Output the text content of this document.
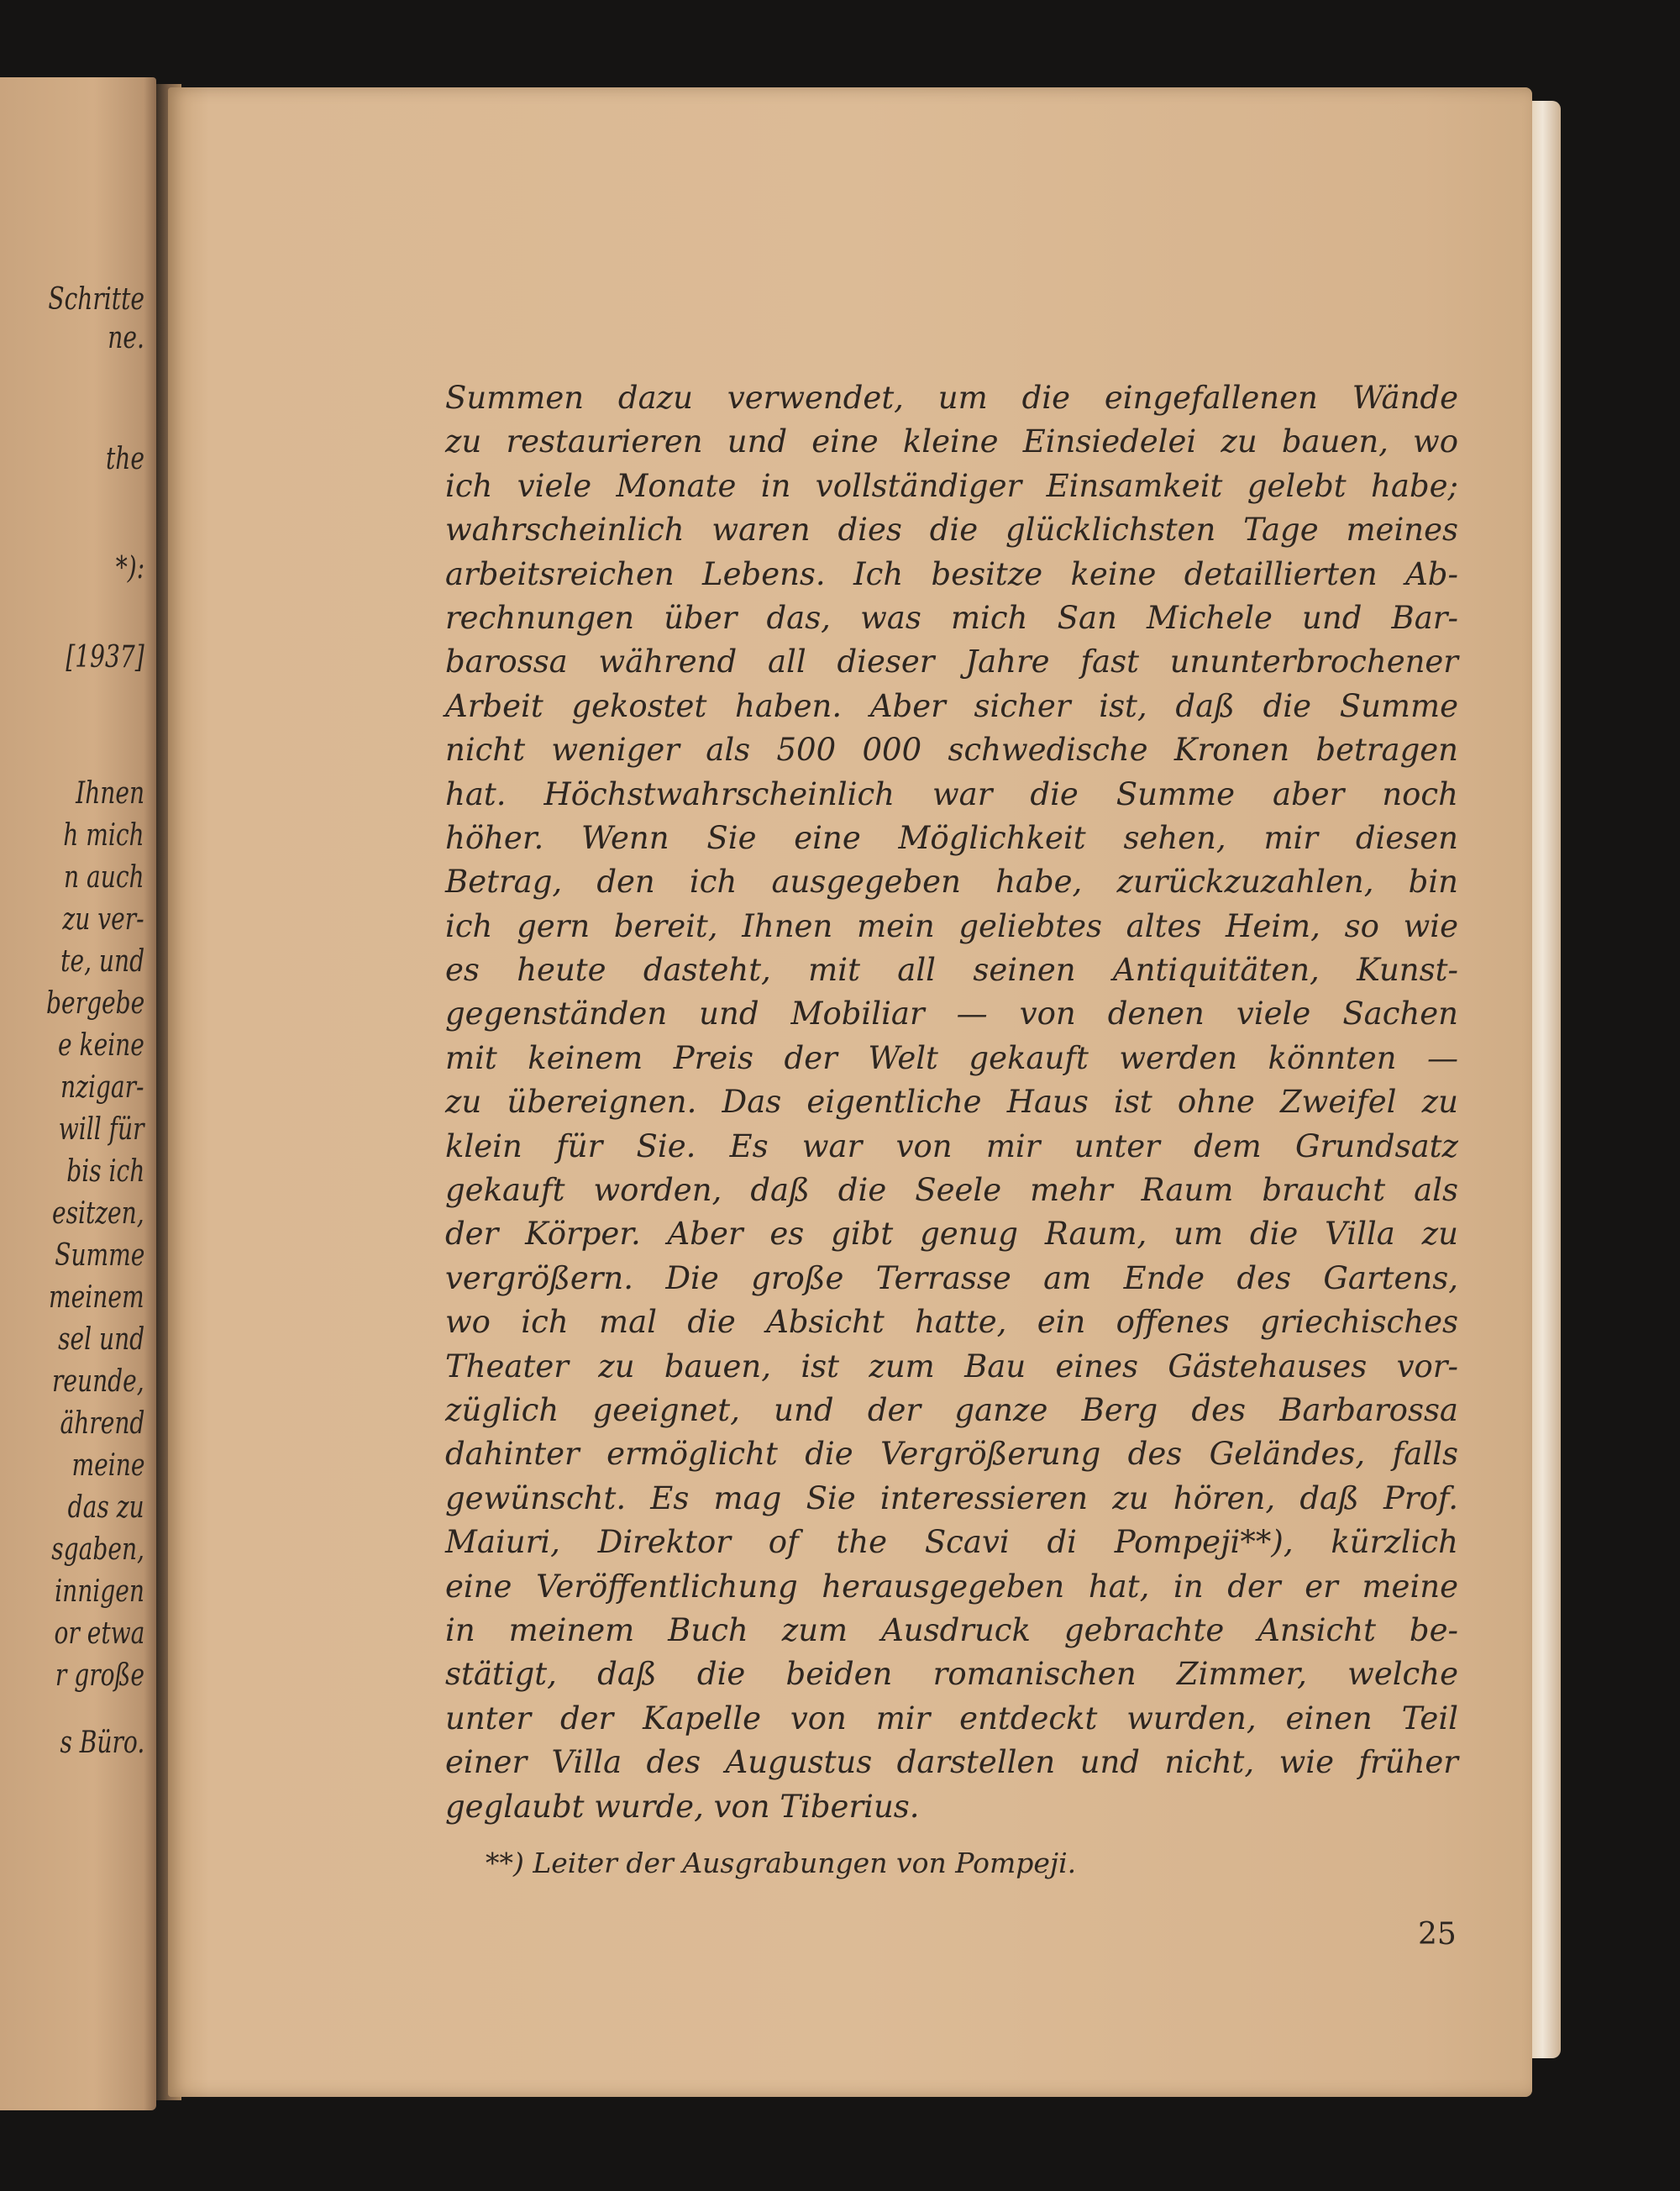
Schritte
ne.
the
*):
[1937]
Ihnen
h mich
n auch
zu ver-
te, und
bergebe
e keine
nzigar-
will für
bis ich
esitzen,
Summe
meinem
sel und
reunde,
ährend
meine
das zu
sgaben,
innigen
or etwa
r große
s Büro.
Summen dazu verwendet, um die eingefallenen Wände
zu restaurieren und eine kleine Einsiedelei zu bauen, wo
ich viele Monate in vollständiger Einsamkeit gelebt habe;
wahrscheinlich waren dies die glücklichsten Tage meines
arbeitsreichen Lebens. Ich besitze keine detaillierten Ab-
rechnungen über das, was mich San Michele und Bar-
barossa während all dieser Jahre fast ununterbrochener
Arbeit gekostet haben. Aber sicher ist, daß die Summe
nicht weniger als 500 000 schwedische Kronen betragen
hat. Höchstwahrscheinlich war die Summe aber noch
höher. Wenn Sie eine Möglichkeit sehen, mir diesen
Betrag, den ich ausgegeben habe, zurückzuzahlen, bin
ich gern bereit, Ihnen mein geliebtes altes Heim, so wie
es heute dasteht, mit all seinen Antiquitäten, Kunst-
gegenständen und Mobiliar — von denen viele Sachen
mit keinem Preis der Welt gekauft werden könnten —
zu übereignen. Das eigentliche Haus ist ohne Zweifel zu
klein für Sie. Es war von mir unter dem Grundsatz
gekauft worden, daß die Seele mehr Raum braucht als
der Körper. Aber es gibt genug Raum, um die Villa zu
vergrößern. Die große Terrasse am Ende des Gartens,
wo ich mal die Absicht hatte, ein offenes griechisches
Theater zu bauen, ist zum Bau eines Gästehauses vor-
züglich geeignet, und der ganze Berg des Barbarossa
dahinter ermöglicht die Vergrößerung des Geländes, falls
gewünscht. Es mag Sie interessieren zu hören, daß Prof.
Maiuri, Direktor of the Scavi di Pompeji**), kürzlich
eine Veröffentlichung herausgegeben hat, in der er meine
in meinem Buch zum Ausdruck gebrachte Ansicht be-
stätigt, daß die beiden romanischen Zimmer, welche
unter der Kapelle von mir entdeckt wurden, einen Teil
einer Villa des Augustus darstellen und nicht, wie früher
geglaubt wurde, von Tiberius.
**) Leiter der Ausgrabungen von Pompeji.
25
